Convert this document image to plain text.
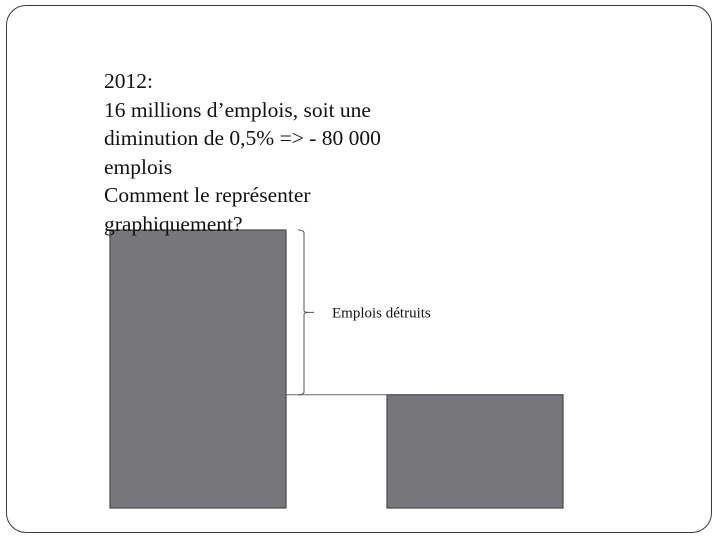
Emplois détruits

2012:
16 millions d’emplois, soit une
diminution de 0,5% => - 80 000
emplois
Comment le représenter
graphiquement?
